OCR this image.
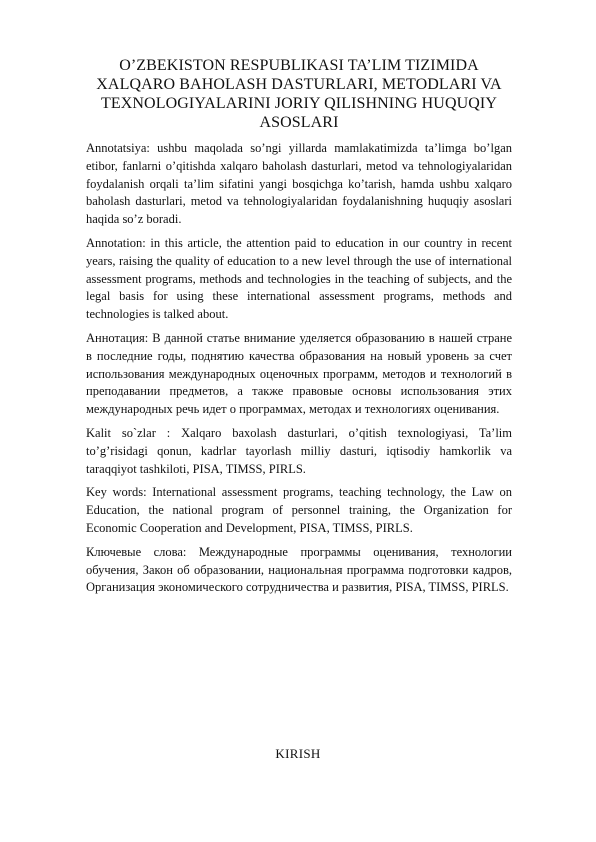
O’ZBEKISTON RESPUBLIKASI TA’LIM TIZIMIDA XALQARO BAHOLASH DASTURLARI, METODLARI VA TEXNOLOGIYALARINI JORIY QILISHNING HUQUQIY ASOSLARI

Annotatsiya: ushbu maqolada so’ngi yillarda mamlakatimizda ta’limga bo’lgan etibor, fanlarni o’qitishda xalqaro baholash dasturlari, metod va tehnologiyalaridan foydalanish orqali ta’lim sifatini yangi bosqichga ko’tarish, hamda ushbu xalqaro baholash dasturlari, metod va tehnologiyalaridan foydalanishning huquqiy asoslari haqida so’z boradi.

Annotation: in this article, the attention paid to education in our country in recent years, raising the quality of education to a new level through the use of international assessment programs, methods and technologies in the teaching of subjects, and the legal basis for using these international assessment programs, methods and technologies is talked about.

Аннотация: В данной статье внимание уделяется образованию в нашей стране в последние годы, поднятию качества образования на новый уровень за счет использования международных оценочных программ, методов и технологий в преподавании предметов, а также правовые основы использования этих международных речь идет о программах, методах и технологиях оценивания.

Kalit so`zlar : Xalqaro baxolash dasturlari, o’qitish texnologiyasi, Ta’lim to’g’risidagi qonun, kadrlar tayorlash milliy dasturi, iqtisodiy hamkorlik va taraqqiyot tashkiloti, PISA, TIMSS, PIRLS.

Key words: International assessment programs, teaching technology, the Law on Education, the national program of personnel training, the Organization for Economic Cooperation and Development, PISA, TIMSS, PIRLS.

Ключевые слова: Международные программы оценивания, технологии обучения, Закон об образовании, национальная программа подготовки кадров, Организация экономического сотрудничества и развития, PISA, TIMSS, PIRLS.

KIRISH
